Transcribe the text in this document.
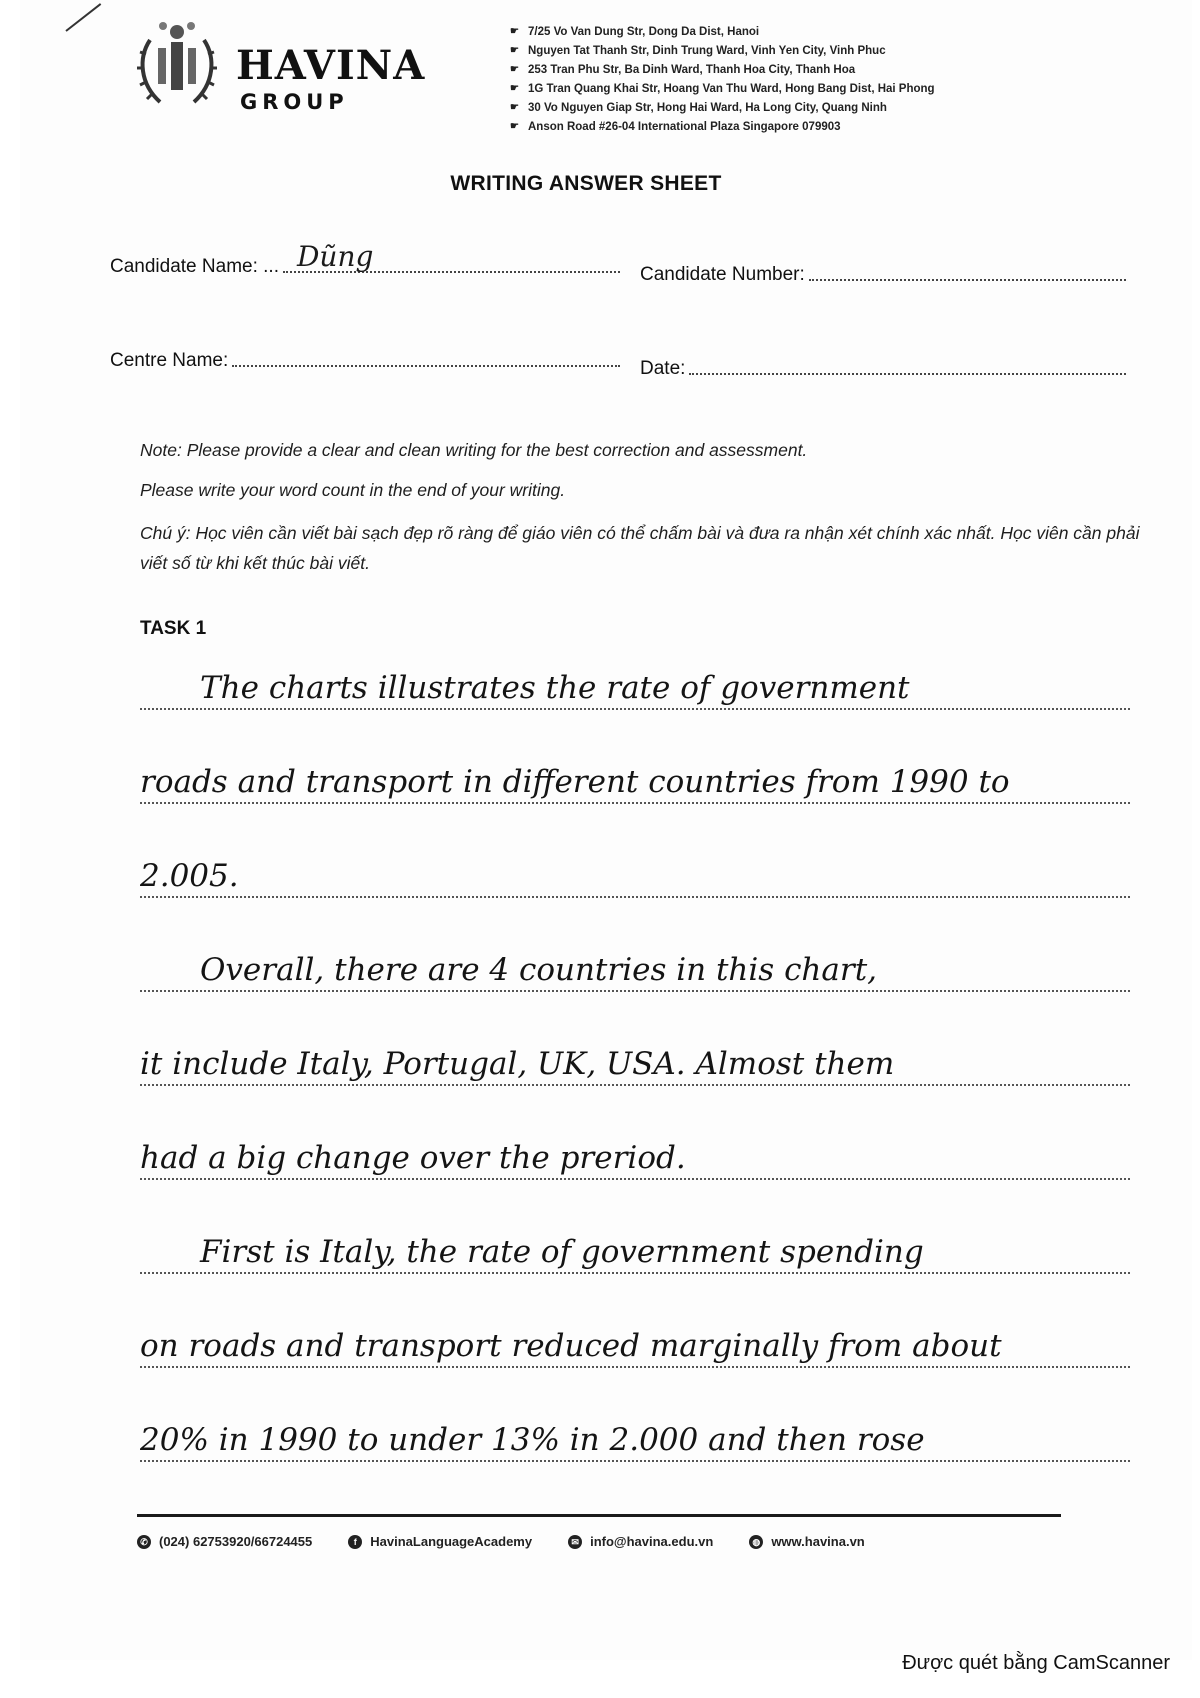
HAVINA
GROUP
☛ 7/25 Vo Van Dung Str, Dong Da Dist, Hanoi
☛ Nguyen Tat Thanh Str, Dinh Trung Ward, Vinh Yen City, Vinh Phuc
☛ 253 Tran Phu Str, Ba Dinh Ward, Thanh Hoa City, Thanh Hoa
☛ 1G Tran Quang Khai Str, Hoang Van Thu Ward, Hong Bang Dist, Hai Phong
☛ 30 Vo Nguyen Giap Str, Hong Hai Ward, Ha Long City, Quang Ninh
☛ Anson Road #26-04 International Plaza Singapore 079903
WRITING ANSWER SHEET
Candidate Name: ... Dũng
Candidate Number:
Centre Name:	Date:

Note: Please provide a clear and clean writing for the best correction and assessment.

Please write your word count in the end of your writing.

Chú ý: Học viên cần viết bài sạch đẹp rõ ràng để giáo viên có thể chấm bài và đưa ra nhận xét chính xác nhất. Học viên cần phải viết số từ khi kết thúc bài viết.

TASK 1
The charts illustrates the rate of government
roads and transport in different countries from 1990 to
2.005.
Overall, there are 4 countries in this chart,
it include Italy, Portugal, UK, USA. Almost them
had a big change over the preriod.
First is Italy, the rate of government spending
on roads and transport reduced marginally from about
20% in 1990 to under 13% in 2.000 and then rose
✆ (024) 62753920/66724455	f	HavinaLanguageAcademy	✉ info@havina.edu.vn	◍ www.havina.vn
Được quét bằng CamScanner
